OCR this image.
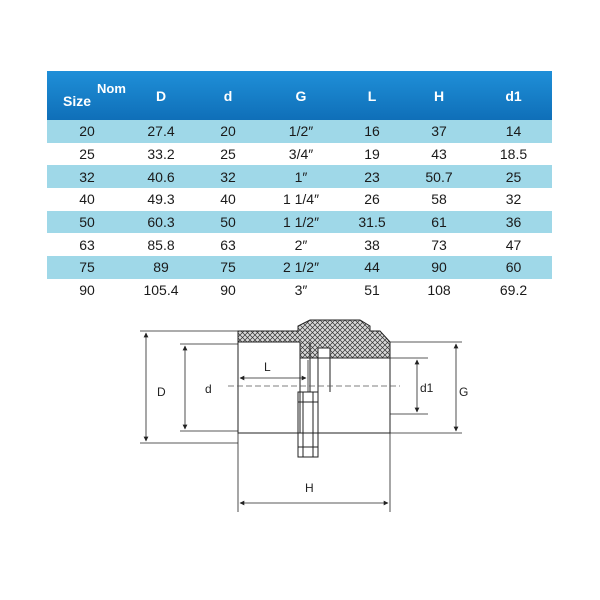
Size
Nom	D	d	G	L	H	d1
20	27.4	20	1/2″	16	37	14
25	33.2	25	3/4″	19	43	18.5
32	40.6	32	1″	23	50.7	25
40	49.3	40	1 1/4″	26	58	32
50	60.3	50	1 1/2″	31.5	61	36
63	85.8	63	2″	38	73	47
75	89	75	2 1/2″	44	90	60
90	105.4	90	3″	51	108	69.2
D	d
L
d1 G
H
